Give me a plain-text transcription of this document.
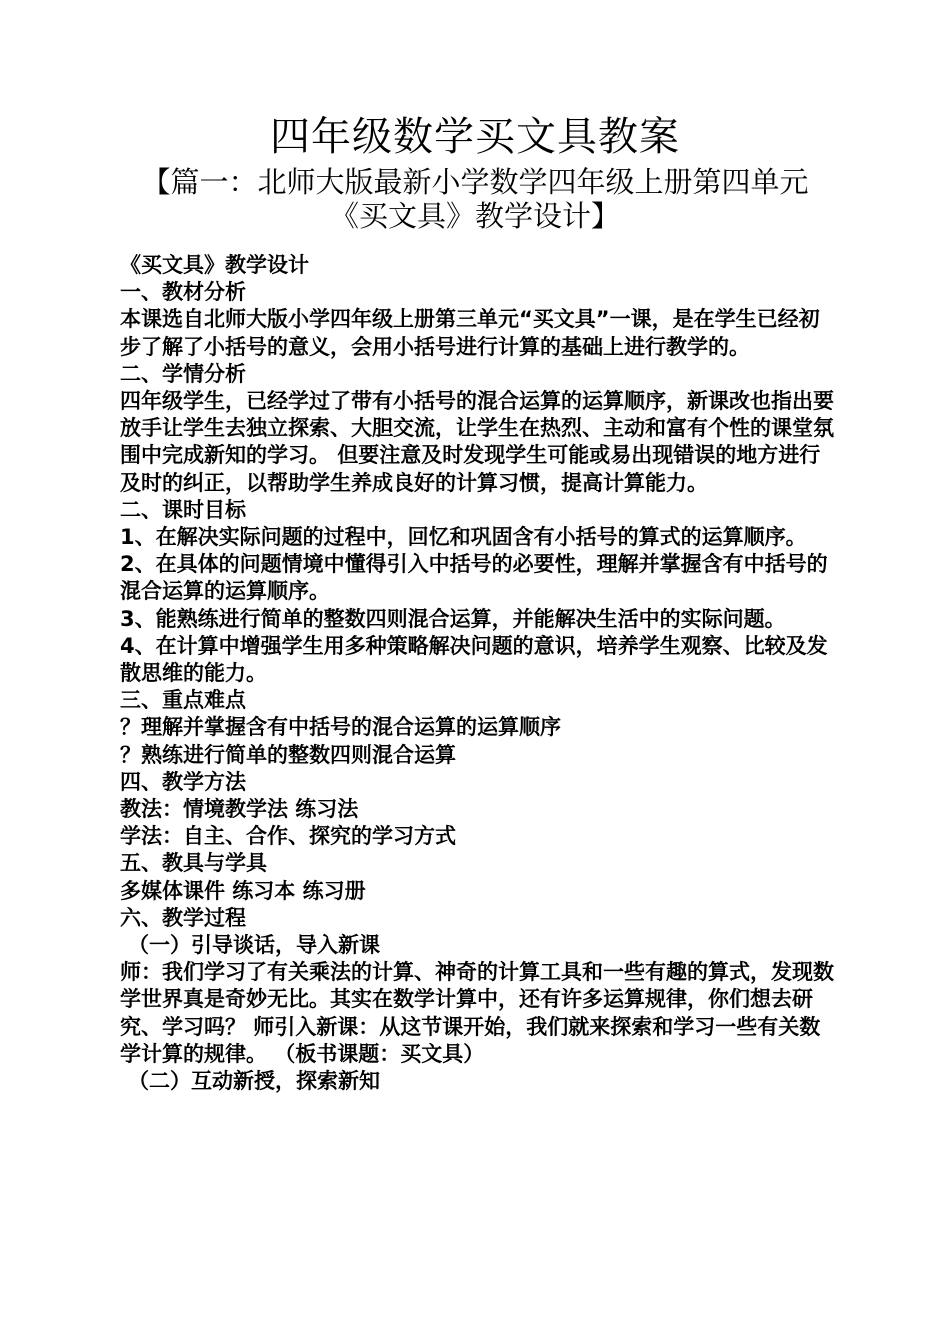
四年级数学买文具教案
【篇一：北师大版最新小学数学四年级上册第四单元
《买文具》教学设计】

《买文具》教学设计

一、教材分析

本课选自北师大版小学四年级上册第三单元“买文具”一课，是在学生已经初步了解了小括号的意义，会用小括号进行计算的基础上进行教学的。

二、学情分析

四年级学生，已经学过了带有小括号的混合运算的运算顺序，新课改也指出要放手让学生去独立探索、大胆交流，让学生在热烈、主动和富有个性的课堂氛围中完成新知的学习。 但要注意及时发现学生可能或易出现错误的地方进行及时的纠正，以帮助学生养成良好的计算习惯，提高计算能力。

二、课时目标

1、在解决实际问题的过程中，回忆和巩固含有小括号的算式的运算顺序。

2、在具体的问题情境中懂得引入中括号的必要性，理解并掌握含有中括号的混合运算的运算顺序。

3、能熟练进行简单的整数四则混合运算，并能解决生活中的实际问题。

4、在计算中增强学生用多种策略解决问题的意识，培养学生观察、比较及发散思维的能力。

三、重点难点

？理解并掌握含有中括号的混合运算的运算顺序

？熟练进行简单的整数四则混合运算

四、教学方法

教法：情境教学法 练习法

学法：自主、合作、探究的学习方式

五、教具与学具

多媒体课件 练习本 练习册

六、教学过程

（一）引导谈话，导入新课

师：我们学习了有关乘法的计算、神奇的计算工具和一些有趣的算式，发现数学世界真是奇妙无比。其实在数学计算中，还有许多运算规律，你们想去研究、学习吗？ 师引入新课：从这节课开始，我们就来探索和学习一些有关数学计算的规律。 （板书课题：买文具）

（二）互动新授，探索新知
